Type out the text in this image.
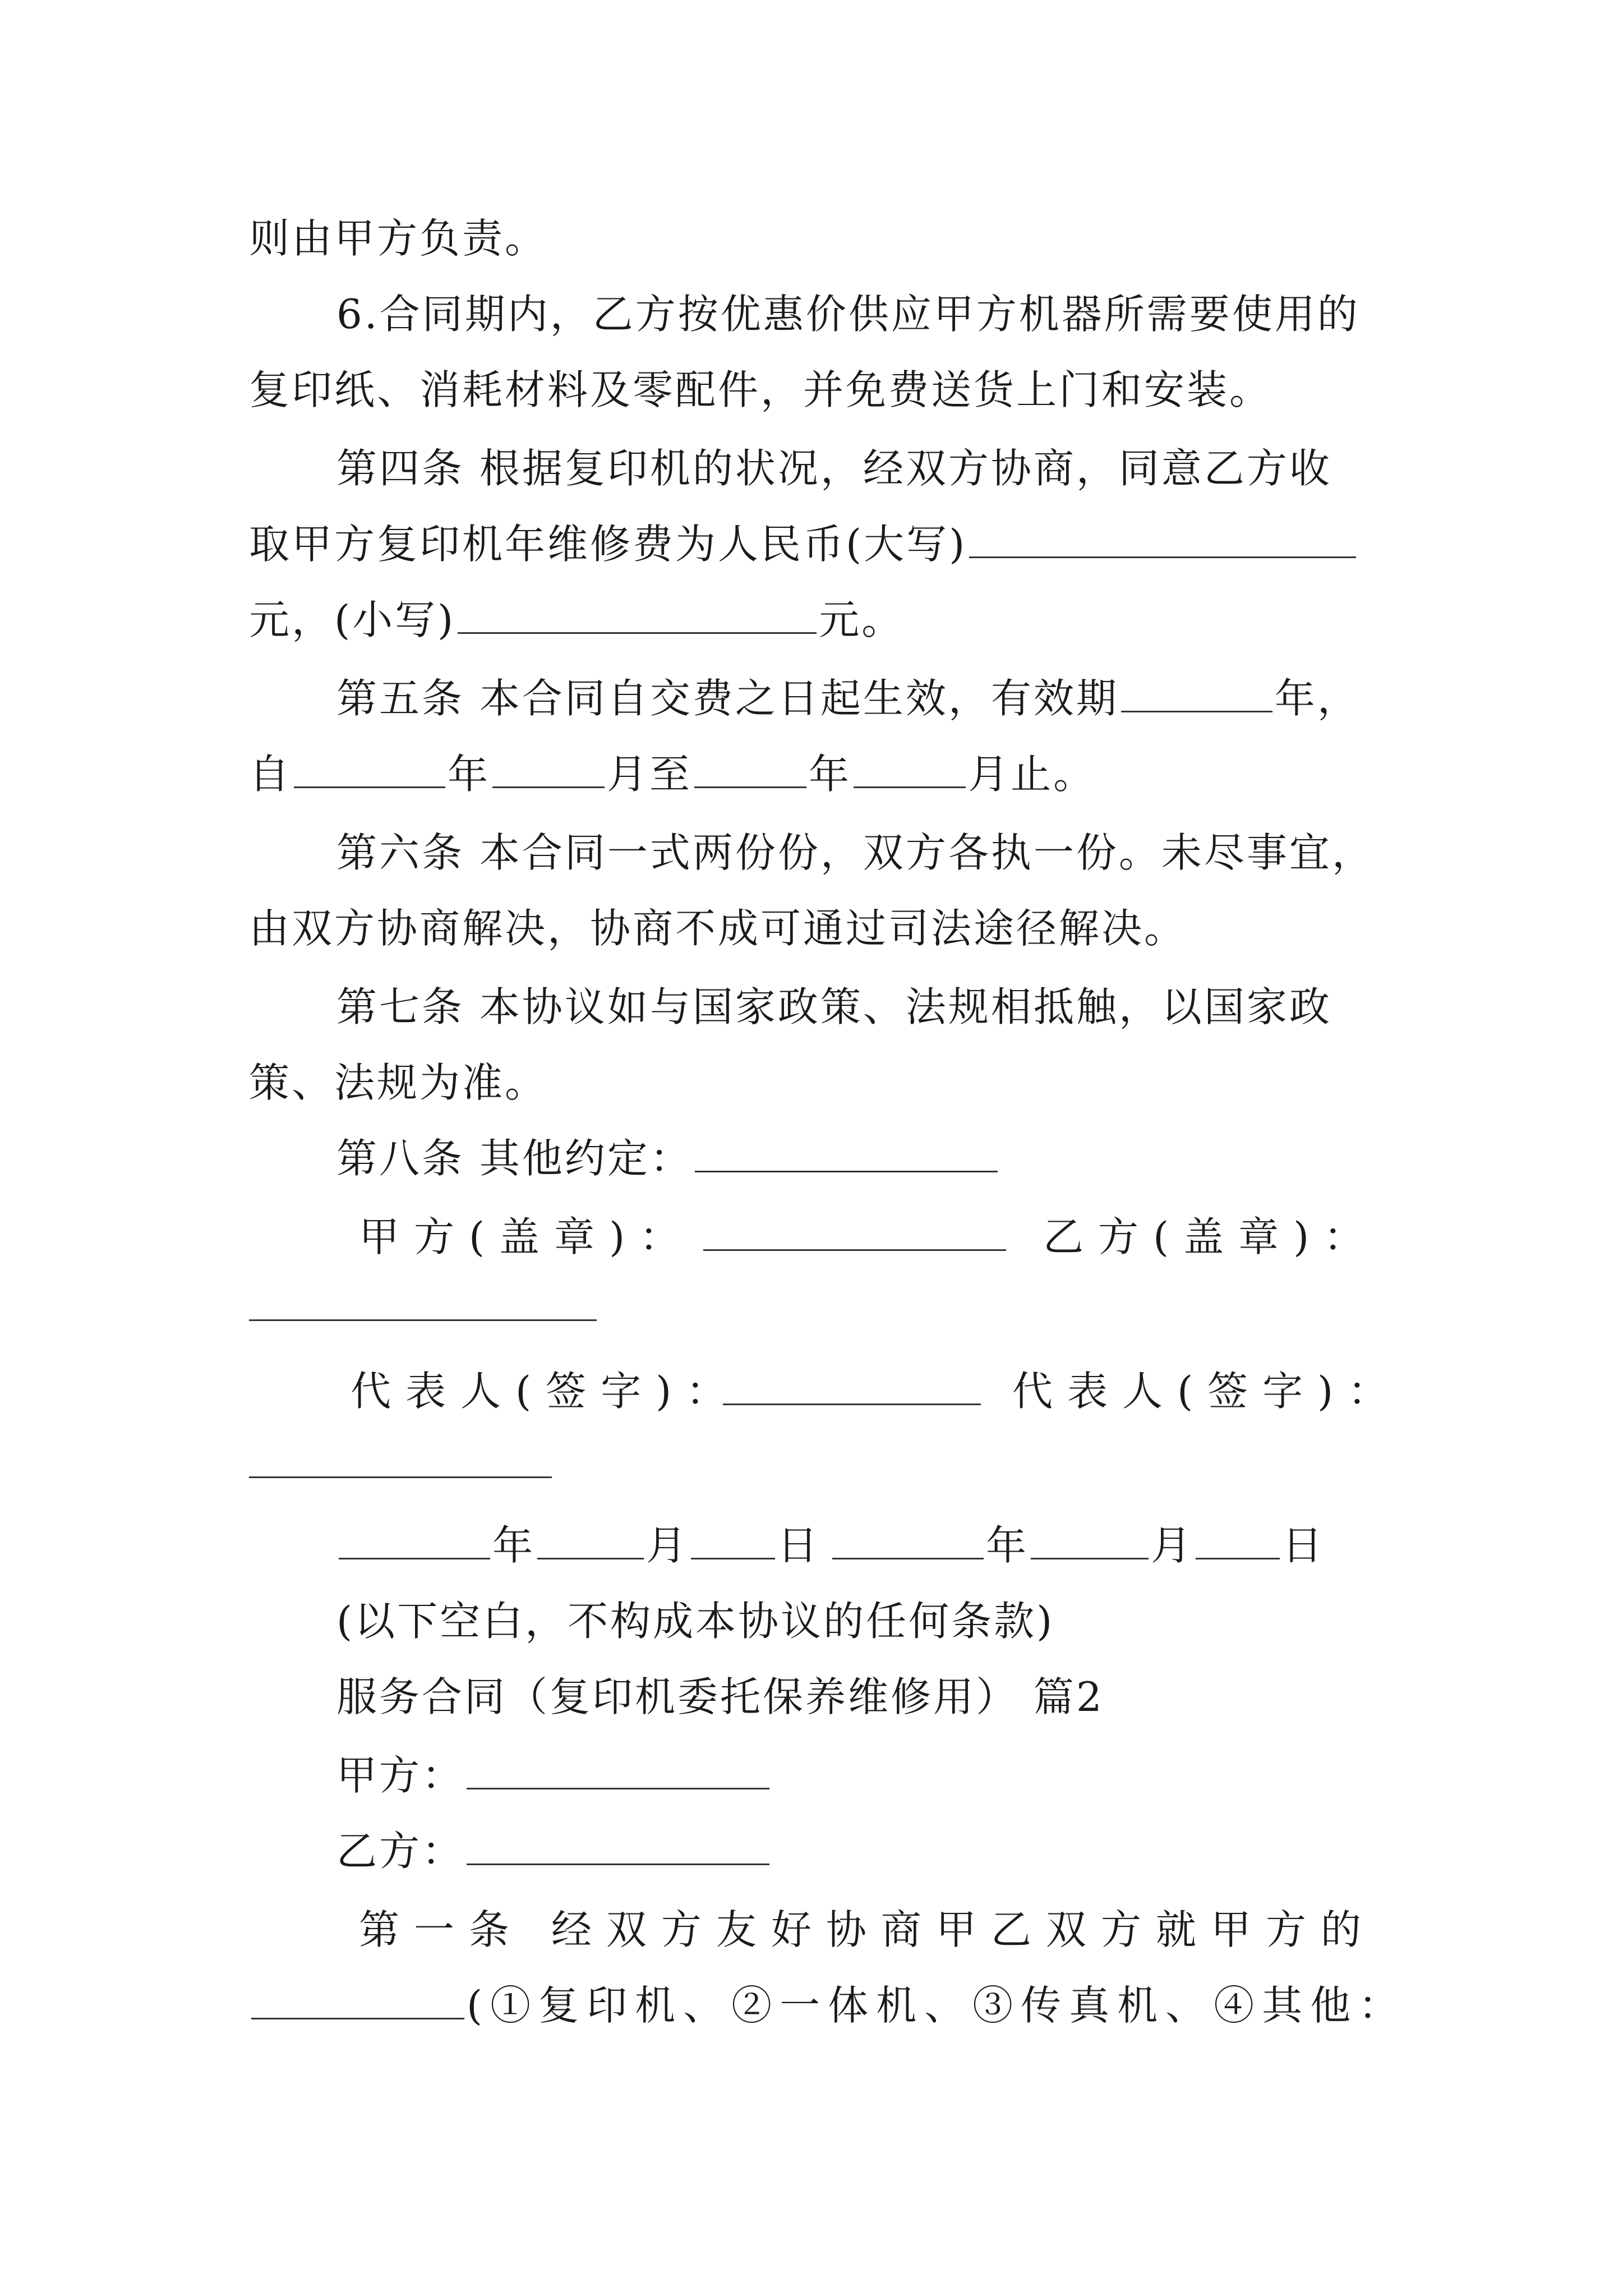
则由甲方负责。
6.合同期内，乙方按优惠价供应甲方机器所需要使用的
复印纸、消耗材料及零配件，并免费送货上门和安装。
第四条 根据复印机的状况，经双方协商，同意乙方收
取甲方复印机年维修费为人民币(大写)
元，(小写)	元。
第五条 本合同自交费之日起生效，有效期	年，
自	年	月至	年	月止。
第六条 本合同一式两份份，双方各执一份。未尽事宜，
由双方协商解决，协商不成可通过司法途径解决。
第七条 本协议如与国家政策、法规相抵触，以国家政
策、法规为准。
第八条 其他约定：
甲方(盖章)：	乙方(盖章)：
代表人(签字)：	代表人(签字)：
年	月 日	年	月 日
(以下空白，不构成本协议的任何条款)
服务合同（复印机委托保养维修用） 篇2
甲方：
乙方：
第一条 经双方友好协商甲乙双方就甲方的
(①复印机、②一体机、③传真机、④其他：
